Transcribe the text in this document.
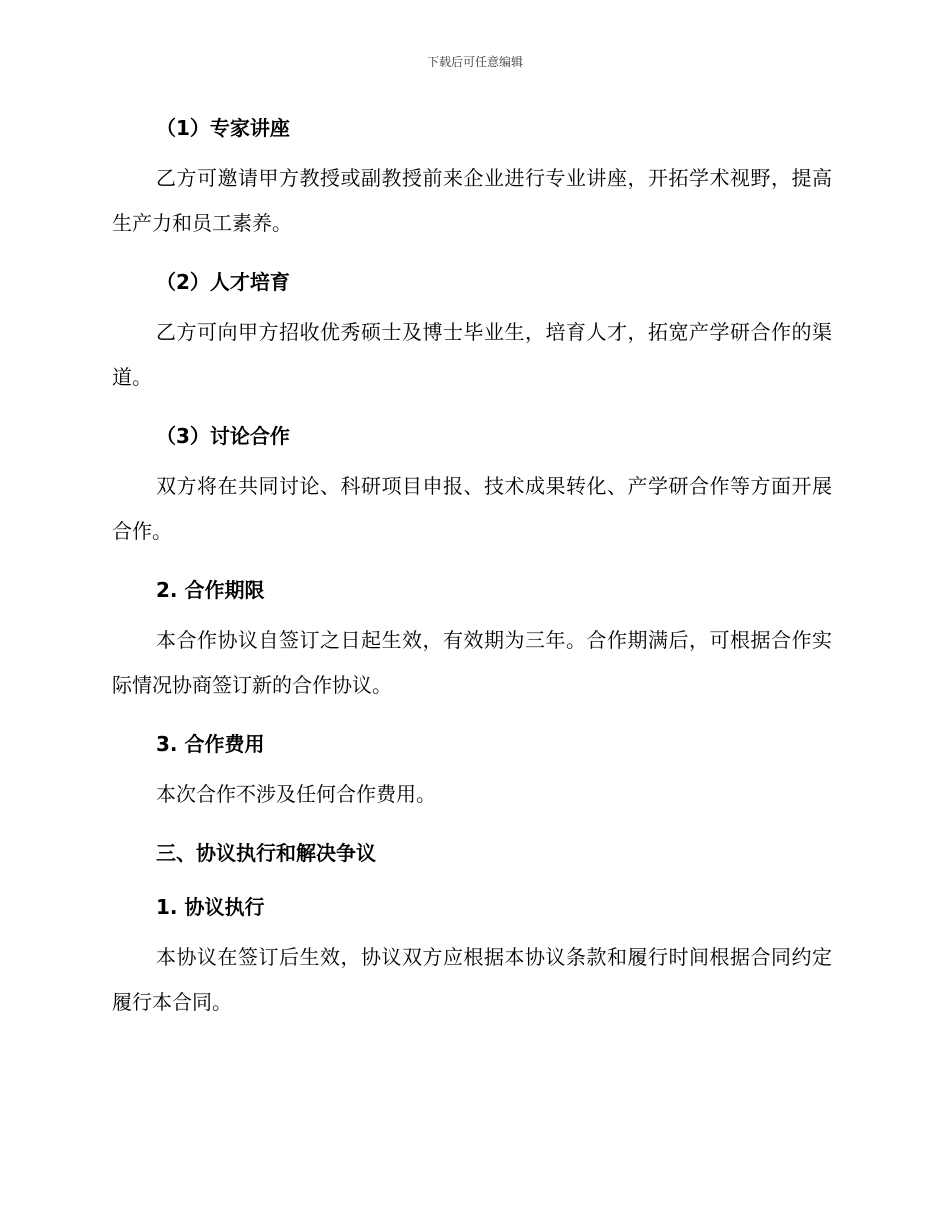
下载后可任意编辑

（1）专家讲座

乙方可邀请甲方教授或副教授前来企业进行专业讲座，开拓学术视野，提高生产力和员工素养。

（2）人才培育

乙方可向甲方招收优秀硕士及博士毕业生，培育人才，拓宽产学研合作的渠道。

（3）讨论合作

双方将在共同讨论、科研项目申报、技术成果转化、产学研合作等方面开展合作。

2. 合作期限

本合作协议自签订之日起生效，有效期为三年。合作期满后，可根据合作实际情况协商签订新的合作协议。

3. 合作费用

本次合作不涉及任何合作费用。

三、协议执行和解决争议

1. 协议执行

本协议在签订后生效，协议双方应根据本协议条款和履行时间根据合同约定履行本合同。
